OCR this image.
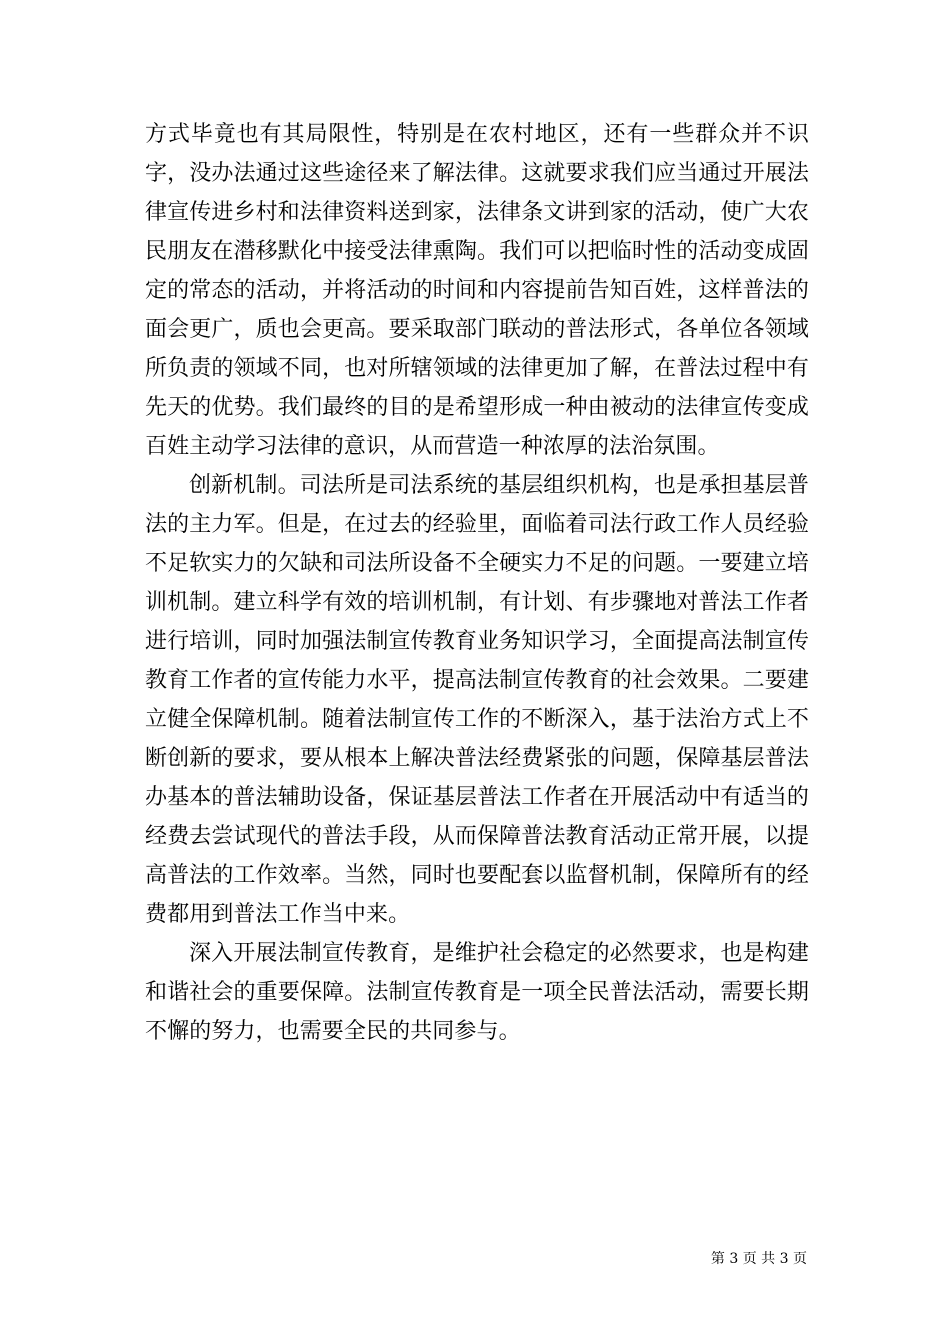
方式毕竟也有其局限性，特别是在农村地区，还有一些群众并不识字，没办法通过这些途径来了解法律。这就要求我们应当通过开展法律宣传进乡村和法律资料送到家，法律条文讲到家的活动，使广大农民朋友在潜移默化中接受法律熏陶。我们可以把临时性的活动变成固定的常态的活动，并将活动的时间和内容提前告知百姓，这样普法的面会更广，质也会更高。要采取部门联动的普法形式，各单位各领域所负责的领域不同，也对所辖领域的法律更加了解，在普法过程中有先天的优势。我们最终的目的是希望形成一种由被动的法律宣传变成百姓主动学习法律的意识，从而营造一种浓厚的法治氛围。

创新机制。司法所是司法系统的基层组织机构，也是承担基层普法的主力军。但是，在过去的经验里，面临着司法行政工作人员经验不足软实力的欠缺和司法所设备不全硬实力不足的问题。一要建立培训机制。建立科学有效的培训机制，有计划、有步骤地对普法工作者进行培训，同时加强法制宣传教育业务知识学习，全面提高法制宣传教育工作者的宣传能力水平，提高法制宣传教育的社会效果。二要建立健全保障机制。随着法制宣传工作的不断深入，基于法治方式上不断创新的要求，要从根本上解决普法经费紧张的问题，保障基层普法办基本的普法辅助设备，保证基层普法工作者在开展活动中有适当的经费去尝试现代的普法手段，从而保障普法教育活动正常开展，以提高普法的工作效率。当然，同时也要配套以监督机制，保障所有的经费都用到普法工作当中来。

深入开展法制宣传教育，是维护社会稳定的必然要求，也是构建和谐社会的重要保障。法制宣传教育是一项全民普法活动，需要长期不懈的努力，也需要全民的共同参与。

第 3 页 共 3 页
